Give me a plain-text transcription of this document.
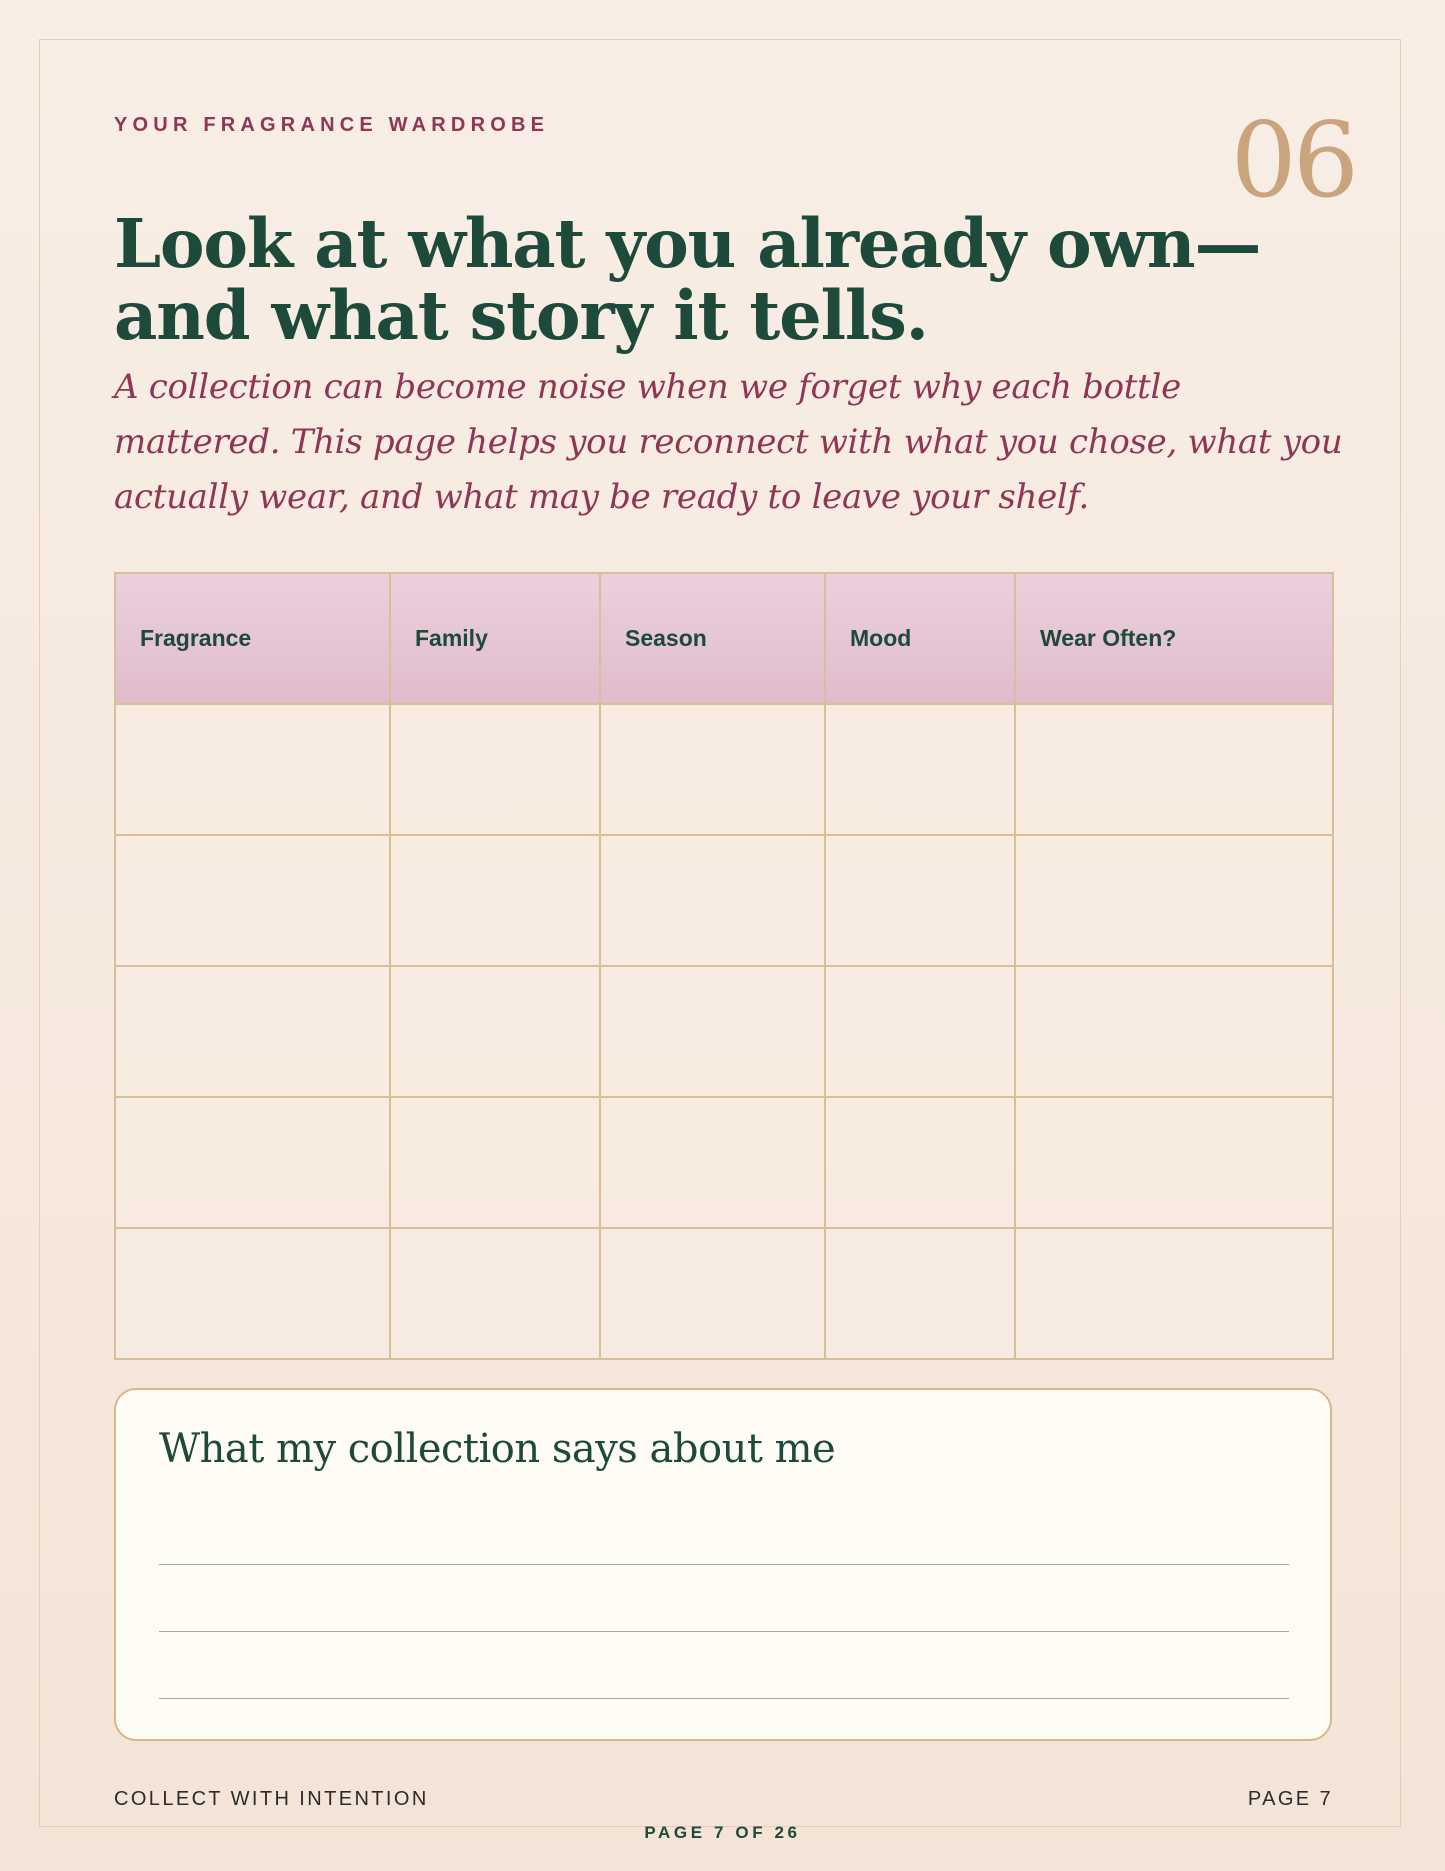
YOUR FRAGRANCE WARDROBE	06
Look at what you already own—
and what story it tells.

A collection can become noise when we forget why each bottle mattered. This page helps you reconnect with what you chose, what you actually wear, and what may be ready to leave your shelf.

Fragrance	Family	Season	Mood	Wear Often?

What my collection says about me
COLLECT WITH INTENTION	PAGE 7
PAGE 7 OF 26
